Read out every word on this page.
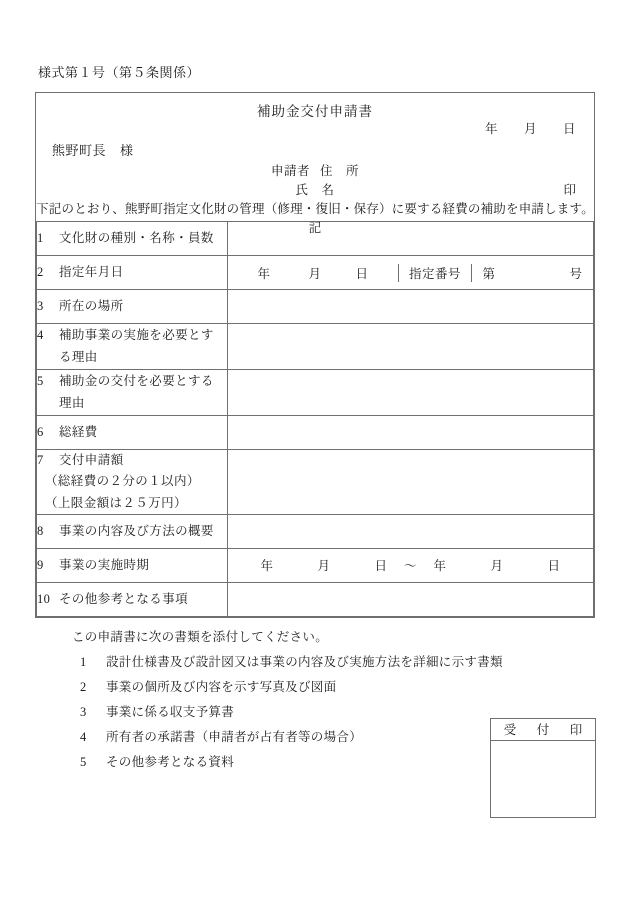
様式第１号（第５条関係）
補助金交付申請書
年 月 日
熊野町長 様
申請者 住　所
氏　名	印
下記のとおり、熊野町指定文化財の管理（修理・復旧・保存）に要する経費の補助を申請します。
記
1 文化財の種別・名称・員数	
2 指定年月日		年	月	日	指定番号	第	号

3 所在の場所	
4 補助事業の実施を必要とす
る理由

5 補助金の交付を必要とする
理由

6 総経費	
7 交付申請額
（総経費の２分の１以内）
（上限金額は２５万円）

8 事業の内容及び方法の概要	
9 事業の実施時期	年	月	日 〜 年	月	日

10 その他参考となる事項	

この申請書に次の書類を添付してください。

1 設計仕様書及び設計図又は事業の内容及び実施方法を詳細に示す書類
2 事業の個所及び内容を示す写真及び図面
3 事業に係る収支予算書
4 所有者の承諾書（申請者が占有者等の場合）
5 その他参考となる資料
受　付　印
